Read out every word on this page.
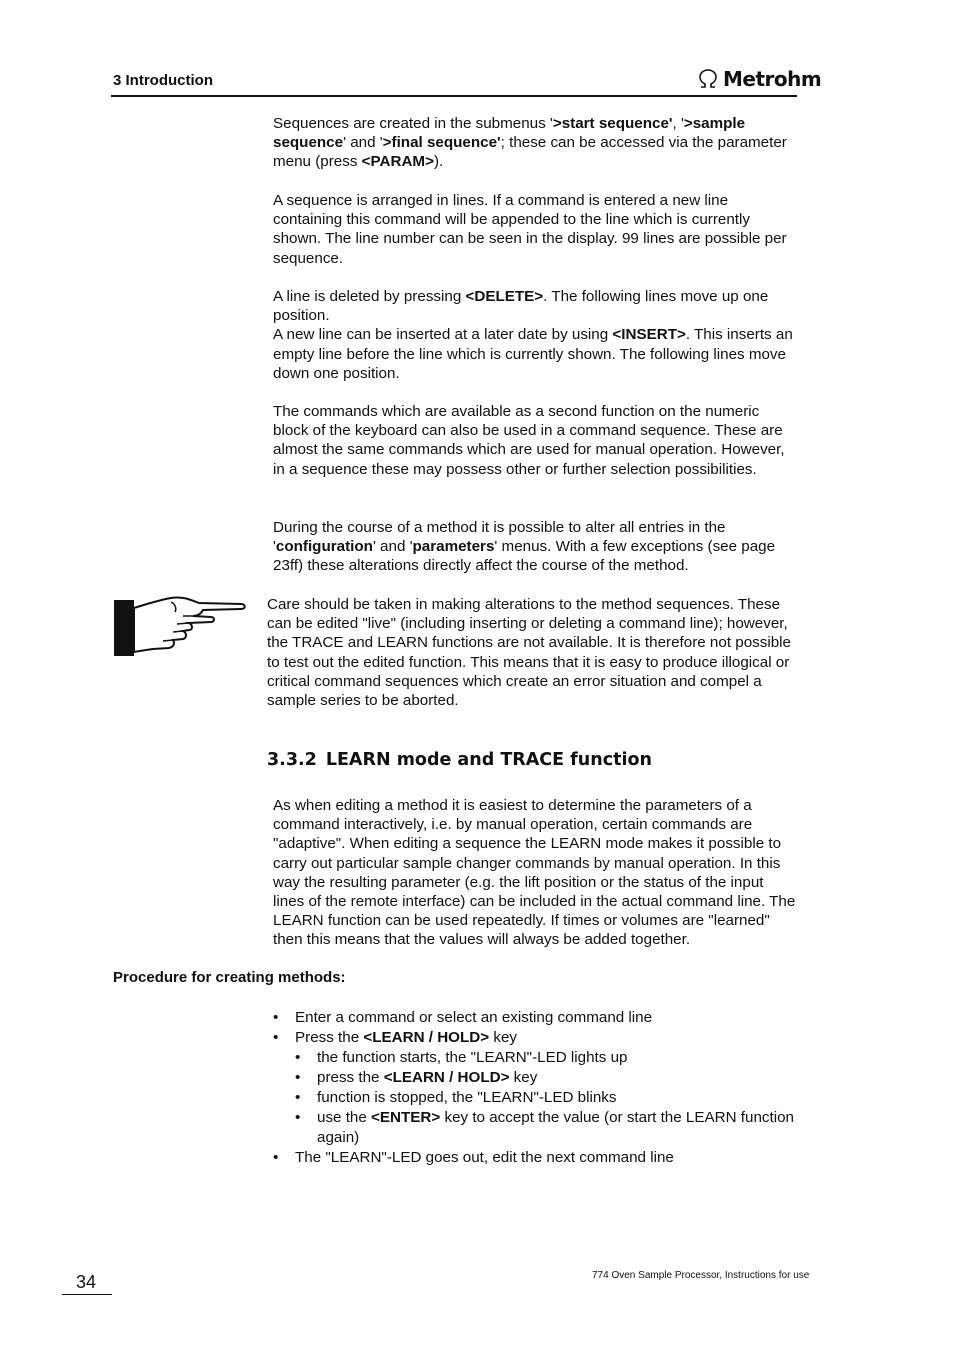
3 Introduction	Metrohm
Sequences are created in the submenus '>start sequence', '>sample sequence' and '>final sequence'; these can be accessed via the parameter menu (press <PARAM>).
A sequence is arranged in lines. If a command is entered a new line containing this command will be appended to the line which is currently shown. The line number can be seen in the display. 99 lines are possible per sequence.
A line is deleted by pressing <DELETE>. The following lines move up one position.
A new line can be inserted at a later date by using <INSERT>. This inserts an empty line before the line which is currently shown. The following lines move down one position.
The commands which are available as a second function on the numeric block of the keyboard can also be used in a command sequence. These are almost the same commands which are used for manual operation. However, in a sequence these may possess other or further selection possibilities.
During the course of a method it is possible to alter all entries in the 'configuration' and 'parameters' menus. With a few exceptions (see page 23ff) these alterations directly affect the course of the method.
Care should be taken in making alterations to the method sequences. These can be edited "live" (including inserting or deleting a command line); however, the TRACE and LEARN functions are not available. It is therefore not possible to test out the edited function. This means that it is easy to produce illogical or critical command sequences which create an error situation and compel a sample series to be aborted.
3.3.2 LEARN mode and TRACE function
As when editing a method it is easiest to determine the parameters of a command interactively, i.e. by manual operation, certain commands are "adaptive". When editing a sequence the LEARN mode makes it possible to carry out particular sample changer commands by manual operation. In this way the resulting parameter (e.g. the lift position or the status of the input lines of the remote interface) can be included in the actual command line. The LEARN function can be used repeatedly. If times or volumes are "learned" then this means that the values will always be added together.
Procedure for creating methods:
• Enter a command or select an existing command line
• Press the <LEARN / HOLD> key
• the function starts, the "LEARN"-LED lights up
• press the <LEARN / HOLD> key
• function is stopped, the "LEARN"-LED blinks
• use the <ENTER> key to accept the value (or start the LEARN function again)
• The "LEARN"-LED goes out, edit the next command line
34	774 Oven Sample Processor, Instructions for use
